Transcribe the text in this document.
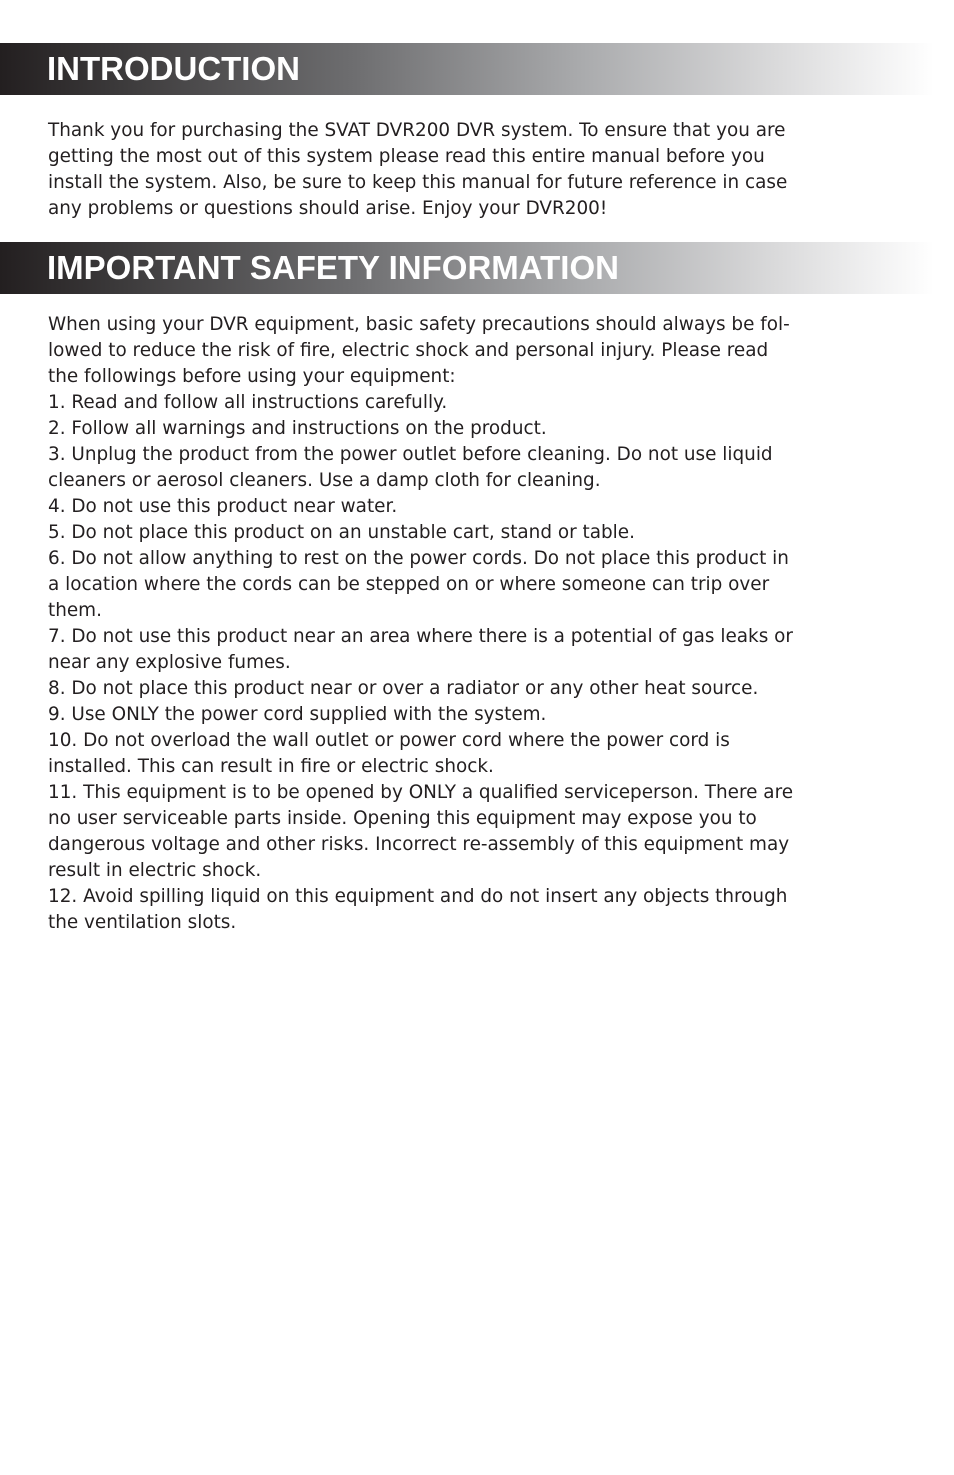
INTRODUCTION
Thank you for purchasing the SVAT DVR200 DVR system. To ensure that you are
getting the most out of this system please read this entire manual before you
install the system. Also, be sure to keep this manual for future reference in case
any problems or questions should arise. Enjoy your DVR200!
IMPORTANT SAFETY INFORMATION
When using your DVR equipment, basic safety precautions should always be fol-
lowed to reduce the risk of fire, electric shock and personal injury. Please read
the followings before using your equipment:
1. Read and follow all instructions carefully.
2. Follow all warnings and instructions on the product.
3. Unplug the product from the power outlet before cleaning. Do not use liquid
cleaners or aerosol cleaners. Use a damp cloth for cleaning.
4. Do not use this product near water.
5. Do not place this product on an unstable cart, stand or table.
6. Do not allow anything to rest on the power cords. Do not place this product in
a location where the cords can be stepped on or where someone can trip over
them.
7. Do not use this product near an area where there is a potential of gas leaks or
near any explosive fumes.
8. Do not place this product near or over a radiator or any other heat source.
9. Use ONLY the power cord supplied with the system.
10. Do not overload the wall outlet or power cord where the power cord is
installed. This can result in fire or electric shock.
11. This equipment is to be opened by ONLY a qualified serviceperson. There are
no user serviceable parts inside. Opening this equipment may expose you to
dangerous voltage and other risks. Incorrect re-assembly of this equipment may
result in electric shock.
12. Avoid spilling liquid on this equipment and do not insert any objects through
the ventilation slots.
